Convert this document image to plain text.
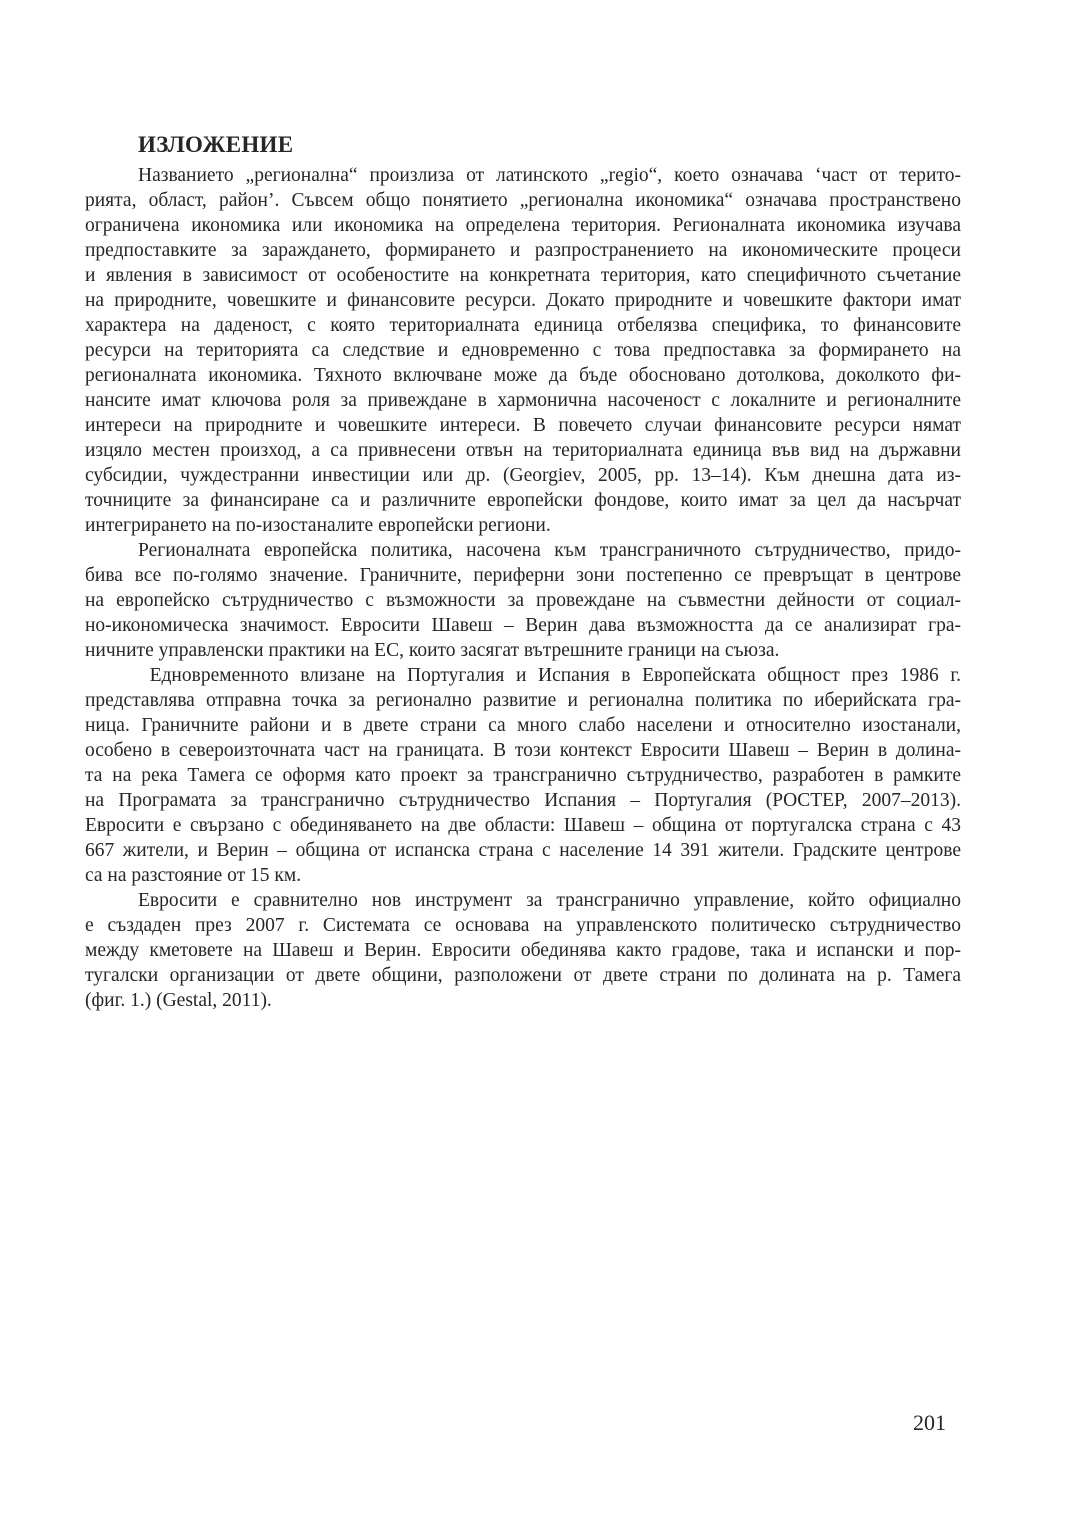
ИЗЛОЖЕНИЕ
Названието „регионална“ произлиза от латинското „regio“, което означава ‘част от терито-
рията, област, район’. Съвсем общо понятието „регионална икономика“ означава пространствено
ограничена икономика или икономика на определена територия. Регионалната икономика изучава
предпоставките за зараждането, формирането и разпространението на икономическите процеси
и явления в зависимост от особеностите на конкретната територия, като специфичното съчетание
на природните, човешките и финансовите ресурси. Докато природните и човешките фактори имат
характера на даденост, с която териториалната единица отбелязва специфика, то финансовите
ресурси на територията са следствие и едновременно с това предпоставка за формирането на
регионалната икономика. Тяхното включване може да бъде обосновано дотолкова, доколкото фи-
нансите имат ключова роля за привеждане в хармонична насоченост с локалните и регионалните
интереси на природните и човешките интереси. В повечето случаи финансовите ресурси нямат
изцяло местен произход, а са привнесени отвън на териториалната единица във вид на държавни
субсидии, чуждестранни инвестиции или др. (Georgiev, 2005, pp. 13–14). Към днешна дата из-
точниците за финансиране са и различните европейски фондове, които имат за цел да насърчат
интегрирането на по-изостаналите европейски региони.
Регионалната европейска политика, насочена към трансграничното сътрудничество, придо-
бива все по-голямо значение. Граничните, периферни зони постепенно се превръщат в центрове
на европейско сътрудничество с възможности за провеждане на съвместни дейности от социал-
но-икономическа значимост. Евросити Шавеш – Верин дава възможността да се анализират гра-
ничните управленски практики на ЕС, които засягат вътрешните граници на съюза.
Едновременното влизане на Португалия и Испания в Европейската общност през 1986 г.
представлява отправна точка за регионално развитие и регионална политика по иберийската гра-
ница. Граничните райони и в двете страни са много слабо населени и относително изостанали,
особено в североизточната част на границата. В този контекст Евросити Шавеш – Верин в долина-
та на река Тамега се оформя като проект за трансгранично сътрудничество, разработен в рамките
на Програмата за трансгранично сътрудничество Испания – Португалия (POCTEP, 2007–2013).
Евросити е свързано с обединяването на две области: Шавеш – община от португалска страна с 43
667 жители, и Верин – община от испанска страна с население 14 391 жители. Градските центрове
са на разстояние от 15 км.
Евросити е сравнително нов инструмент за трансгранично управление, който официално
е създаден през 2007 г. Системата се основава на управленското политическо сътрудничество
между кметовете на Шавеш и Верин. Евросити обединява както градове, така и испански и пор-
тугалски организации от двете общини, разположени от двете страни по долината на р. Тамега
(фиг. 1.) (Gestal, 2011).
201
